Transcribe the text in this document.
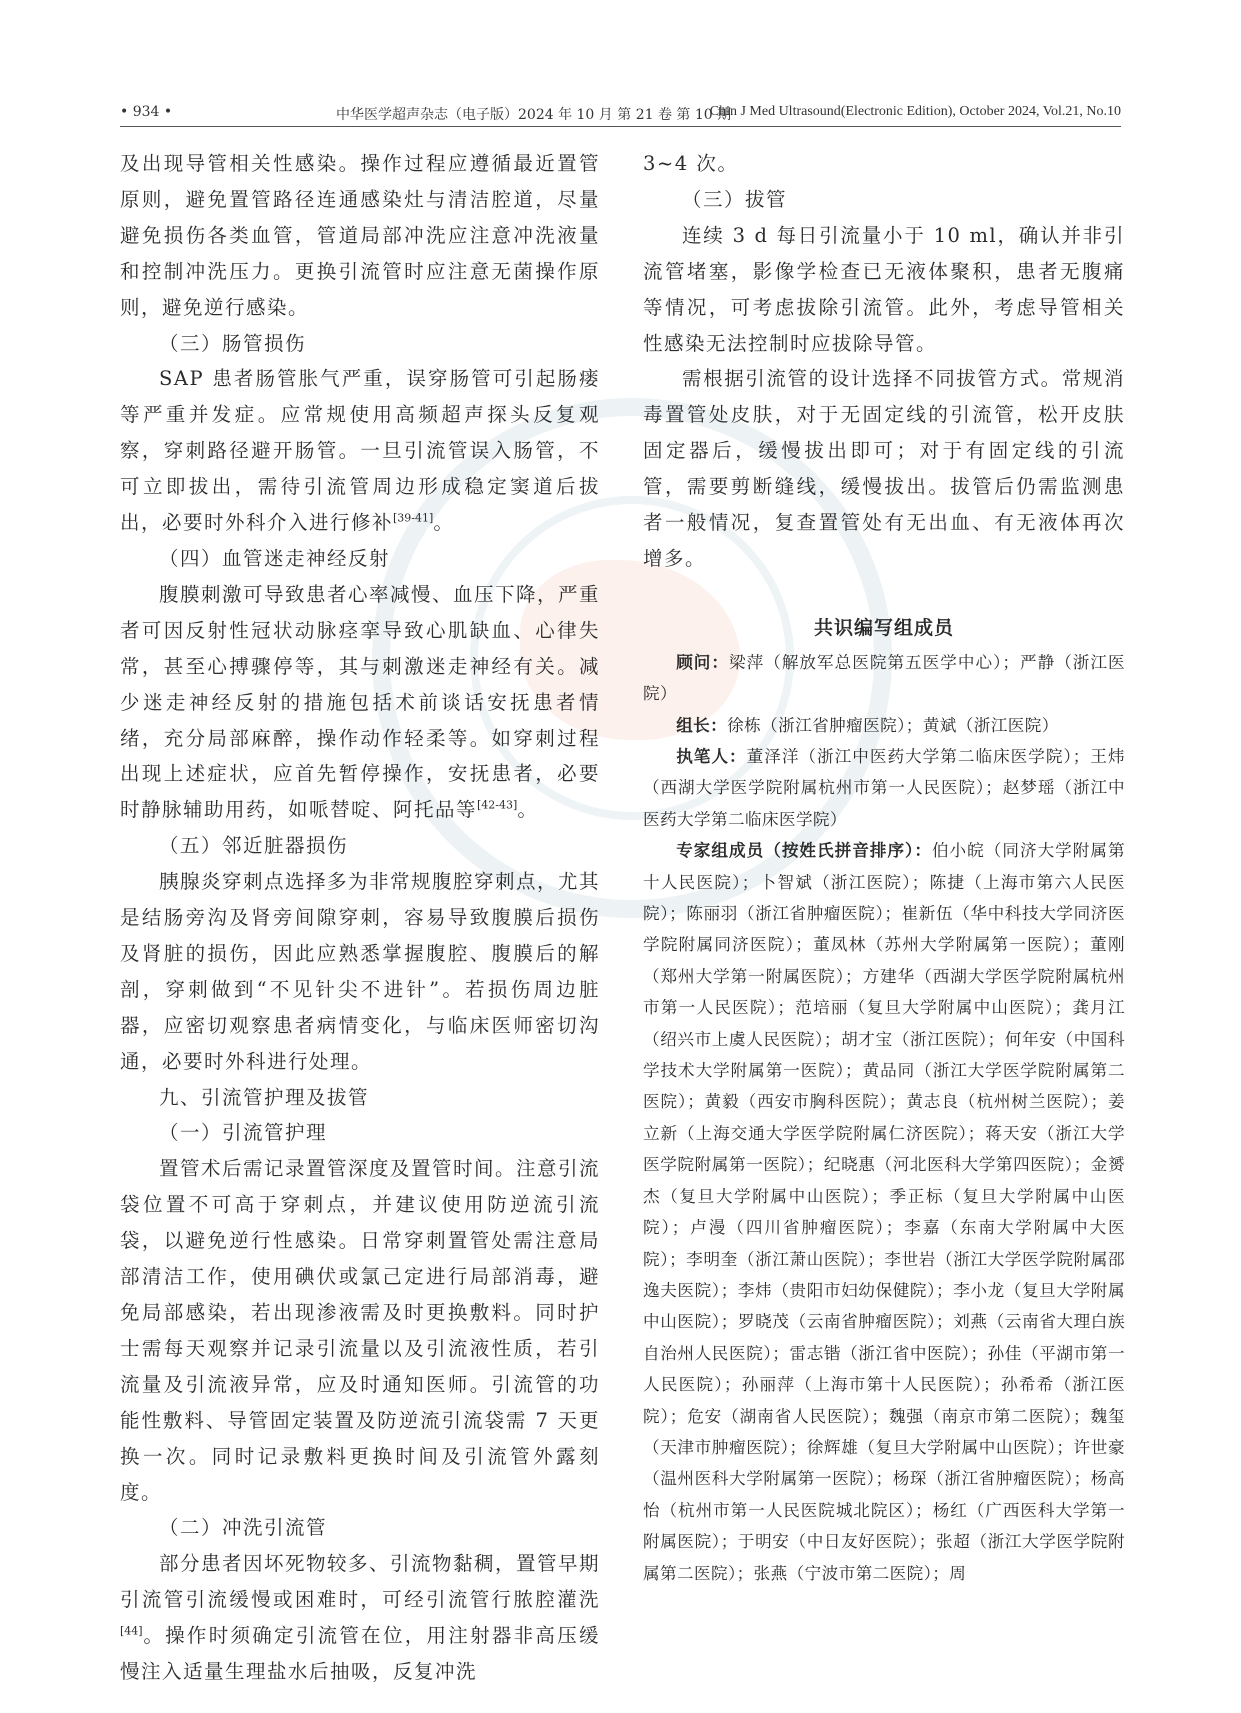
• 934 •	中华医学超声杂志（电子版）2024 年 10 月 第 21 卷 第 10 期
Chin J Med Ultrasound(Electronic Edition), October 2024, Vol.21, No.10

及出现导管相关性感染。操作过程应遵循最近置管原则，避免置管路径连通感染灶与清洁腔道，尽量避免损伤各类血管，管道局部冲洗应注意冲洗液量和控制冲洗压力。更换引流管时应注意无菌操作原则，避免逆行感染。

（三）肠管损伤

SAP 患者肠管胀气严重，误穿肠管可引起肠瘘等严重并发症。应常规使用高频超声探头反复观察，穿刺路径避开肠管。一旦引流管误入肠管，不可立即拔出，需待引流管周边形成稳定窦道后拔出，必要时外科介入进行修补[39-41]。

（四）血管迷走神经反射

腹膜刺激可导致患者心率减慢、血压下降，严重者可因反射性冠状动脉痉挛导致心肌缺血、心律失常，甚至心搏骤停等，其与刺激迷走神经有关。减少迷走神经反射的措施包括术前谈话安抚患者情绪，充分局部麻醉，操作动作轻柔等。如穿刺过程出现上述症状，应首先暂停操作，安抚患者，必要时静脉辅助用药，如哌替啶、阿托品等[42-43]。

（五）邻近脏器损伤

胰腺炎穿刺点选择多为非常规腹腔穿刺点，尤其是结肠旁沟及肾旁间隙穿刺，容易导致腹膜后损伤及肾脏的损伤，因此应熟悉掌握腹腔、腹膜后的解剖，穿刺做到“不见针尖不进针”。若损伤周边脏器，应密切观察患者病情变化，与临床医师密切沟通，必要时外科进行处理。

九、引流管护理及拔管

（一）引流管护理

置管术后需记录置管深度及置管时间。注意引流袋位置不可高于穿刺点，并建议使用防逆流引流袋，以避免逆行性感染。日常穿刺置管处需注意局部清洁工作，使用碘伏或氯己定进行局部消毒，避免局部感染，若出现渗液需及时更换敷料。同时护士需每天观察并记录引流量以及引流液性质，若引流量及引流液异常，应及时通知医师。引流管的功能性敷料、导管固定装置及防逆流引流袋需 7 天更换一次。同时记录敷料更换时间及引流管外露刻度。

（二）冲洗引流管

部分患者因坏死物较多、引流物黏稠，置管早期引流管引流缓慢或困难时，可经引流管行脓腔灌洗[44]。操作时须确定引流管在位，用注射器非高压缓慢注入适量生理盐水后抽吸，反复冲洗

3~4 次。

（三）拔管

连续 3 d 每日引流量小于 10 ml，确认并非引流管堵塞，影像学检查已无液体聚积，患者无腹痛等情况，可考虑拔除引流管。此外，考虑导管相关性感染无法控制时应拔除导管。

需根据引流管的设计选择不同拔管方式。常规消毒置管处皮肤，对于无固定线的引流管，松开皮肤固定器后，缓慢拔出即可；对于有固定线的引流管，需要剪断缝线，缓慢拔出。拔管后仍需监测患者一般情况，复查置管处有无出血、有无液体再次增多。

共识编写组成员

顾问：梁萍（解放军总医院第五医学中心）；严静（浙江医院）

组长：徐栋（浙江省肿瘤医院）；黄斌（浙江医院）

执笔人：董泽洋（浙江中医药大学第二临床医学院）；王炜（西湖大学医学院附属杭州市第一人民医院）；赵梦瑶（浙江中医药大学第二临床医学院）

专家组成员（按姓氏拼音排序）：伯小皖（同济大学附属第十人民医院）；卜智斌（浙江医院）；陈捷（上海市第六人民医院）；陈丽羽（浙江省肿瘤医院）；崔新伍（华中科技大学同济医学院附属同济医院）；董凤林（苏州大学附属第一医院）；董刚（郑州大学第一附属医院）；方建华（西湖大学医学院附属杭州市第一人民医院）；范培丽（复旦大学附属中山医院）；龚月江（绍兴市上虞人民医院）；胡才宝（浙江医院）；何年安（中国科学技术大学附属第一医院）；黄品同（浙江大学医学院附属第二医院）；黄毅（西安市胸科医院）；黄志良（杭州树兰医院）；姜立新（上海交通大学医学院附属仁济医院）；蒋天安（浙江大学医学院附属第一医院）；纪晓惠（河北医科大学第四医院）；金赟杰（复旦大学附属中山医院）；季正标（复旦大学附属中山医院）；卢漫（四川省肿瘤医院）；李嘉（东南大学附属中大医院）；李明奎（浙江萧山医院）；李世岩（浙江大学医学院附属邵逸夫医院）；李炜（贵阳市妇幼保健院）；李小龙（复旦大学附属中山医院）；罗晓茂（云南省肿瘤医院）；刘燕（云南省大理白族自治州人民医院）；雷志锴（浙江省中医院）；孙佳（平湖市第一人民医院）；孙丽萍（上海市第十人民医院）；孙希希（浙江医院）；危安（湖南省人民医院）；魏强（南京市第二医院）；魏玺（天津市肿瘤医院）；徐辉雄（复旦大学附属中山医院）；许世豪（温州医科大学附属第一医院）；杨琛（浙江省肿瘤医院）；杨高怡（杭州市第一人民医院城北院区）；杨红（广西医科大学第一附属医院）；于明安（中日友好医院）；张超（浙江大学医学院附属第二医院）；张燕（宁波市第二医院）；周
